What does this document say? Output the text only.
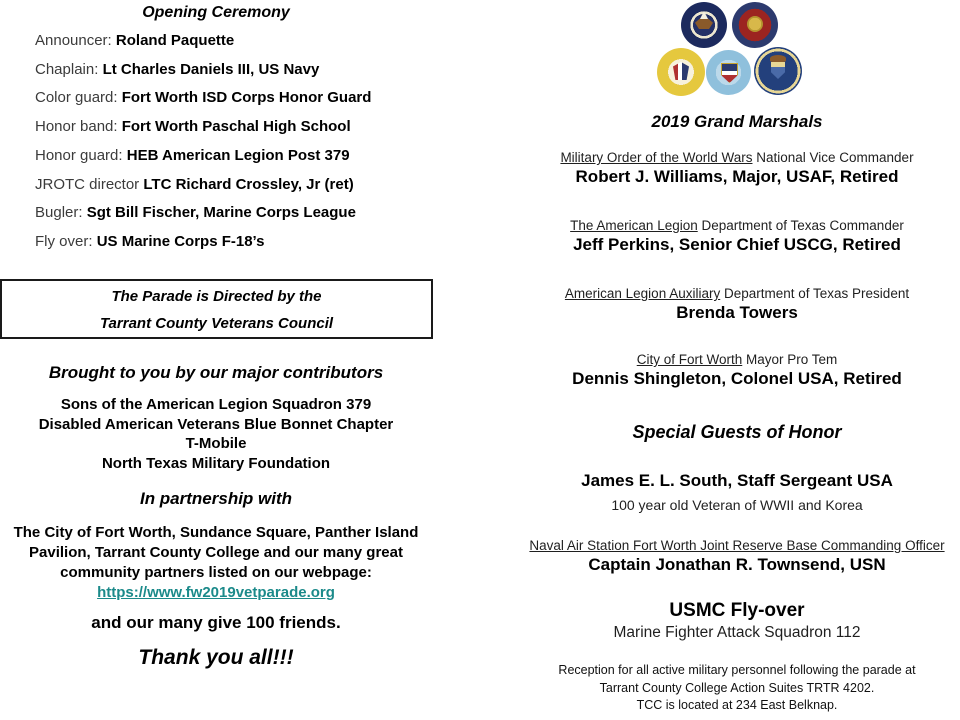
Opening Ceremony
Announcer: Roland Paquette
Chaplain: Lt Charles Daniels III, US Navy
Color guard: Fort Worth ISD Corps Honor Guard
Honor band: Fort Worth Paschal High School
Honor guard: HEB American Legion Post 379
JROTC director LTC Richard Crossley, Jr (ret)
Bugler: Sgt Bill Fischer, Marine Corps League
Fly over: US Marine Corps F-18’s
The Parade is Directed by the
Tarrant County Veterans Council
Brought to you by our major contributors
Sons of the American Legion Squadron 379
Disabled American Veterans Blue Bonnet Chapter
T-Mobile
North Texas Military Foundation
In partnership with
The City of Fort Worth, Sundance Square, Panther Island Pavilion, Tarrant County College and our many great community partners listed on our webpage: https://www.fw2019vetparade.org
and our many give 100 friends.
Thank you all!!!
2019 Grand Marshals
Military Order of the World Wars National Vice Commander
Robert J. Williams, Major, USAF, Retired
The American Legion Department of Texas Commander
Jeff Perkins, Senior Chief USCG, Retired
American Legion Auxiliary Department of Texas President
Brenda Towers
City of Fort Worth Mayor Pro Tem
Dennis Shingleton, Colonel USA, Retired
Special Guests of Honor
James E. L. South, Staff Sergeant USA
100 year old Veteran of WWII and Korea
Naval Air Station Fort Worth Joint Reserve Base Commanding Officer
Captain Jonathan R. Townsend, USN
USMC Fly-over
Marine Fighter Attack Squadron 112
Reception for all active military personnel following the parade at
Tarrant County College Action Suites TRTR 4202.
TCC is located at 234 East Belknap.
